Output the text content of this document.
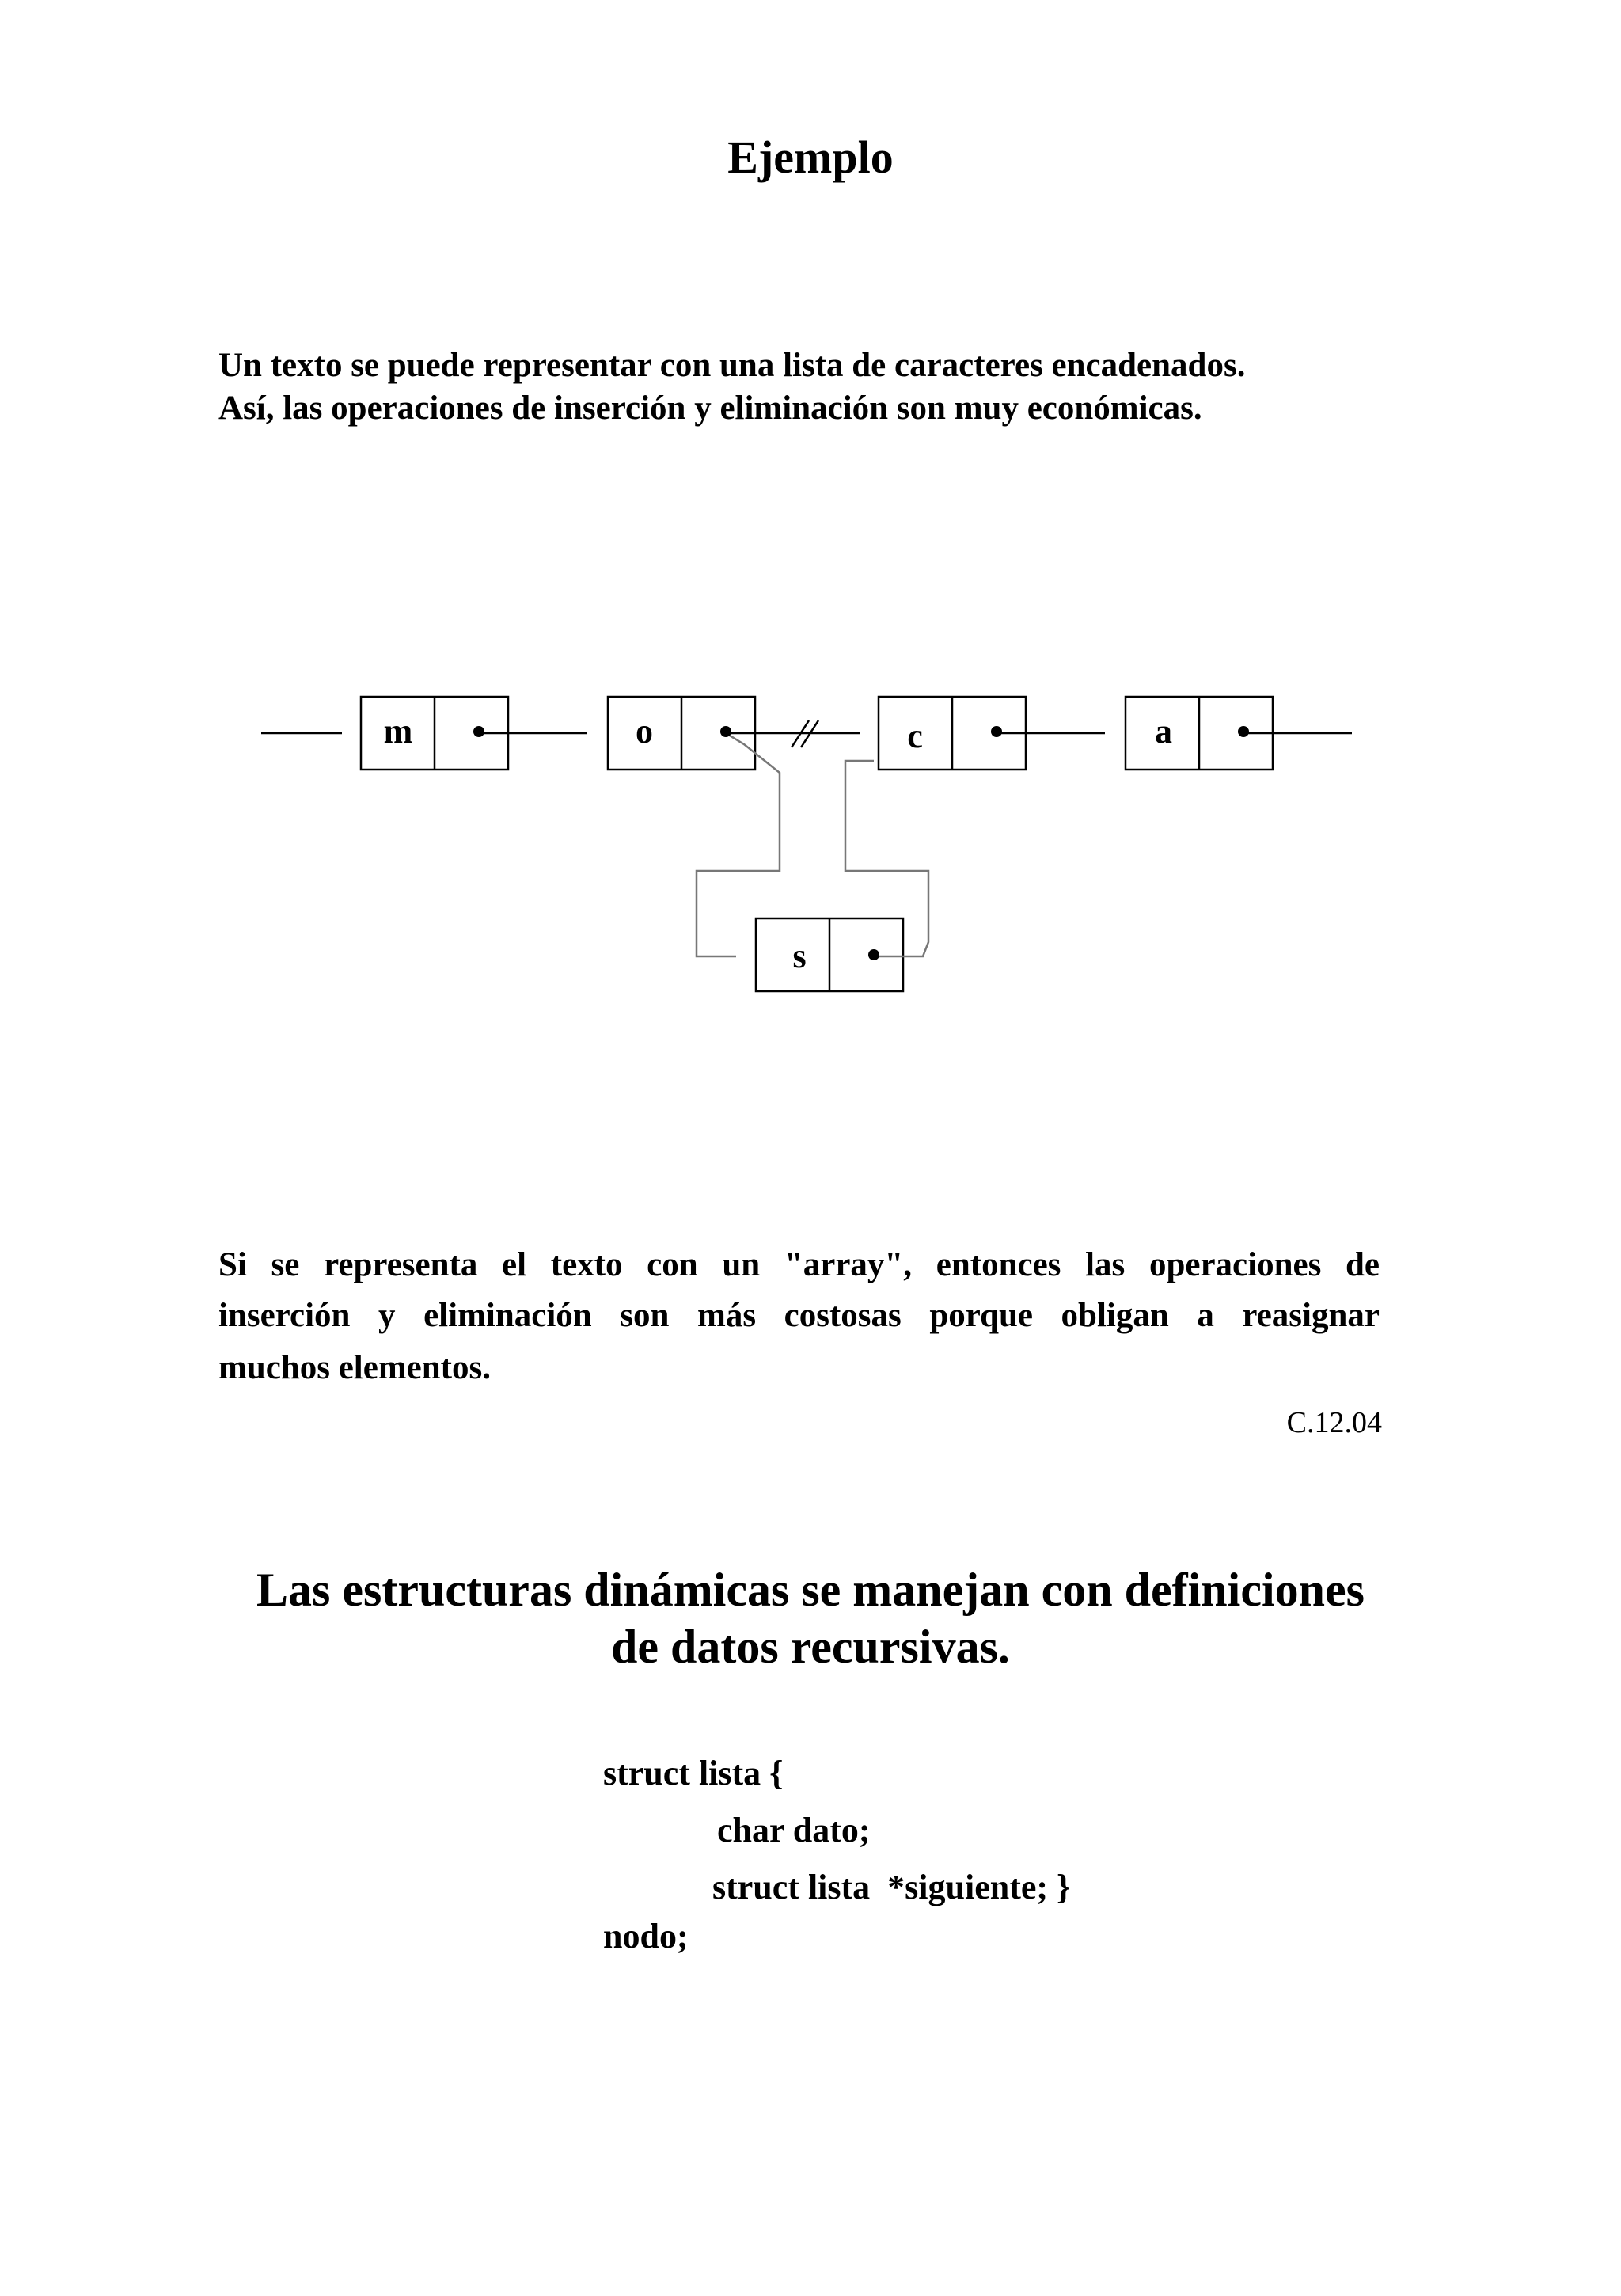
Ejemplo
Un texto se puede representar con una lista de caracteres encadenados.
Así, las operaciones de inserción y eliminación son muy económicas.
m	o	c	a
s
Si se representa el texto con un "array", entonces las operaciones de
inserción y eliminación son más costosas porque obligan a reasignar
muchos elementos.
C.12.04
Las estructuras dinámicas se manejan con definiciones
de datos recursivas.
struct lista {
char dato;
struct lista  *siguiente; }
nodo;
